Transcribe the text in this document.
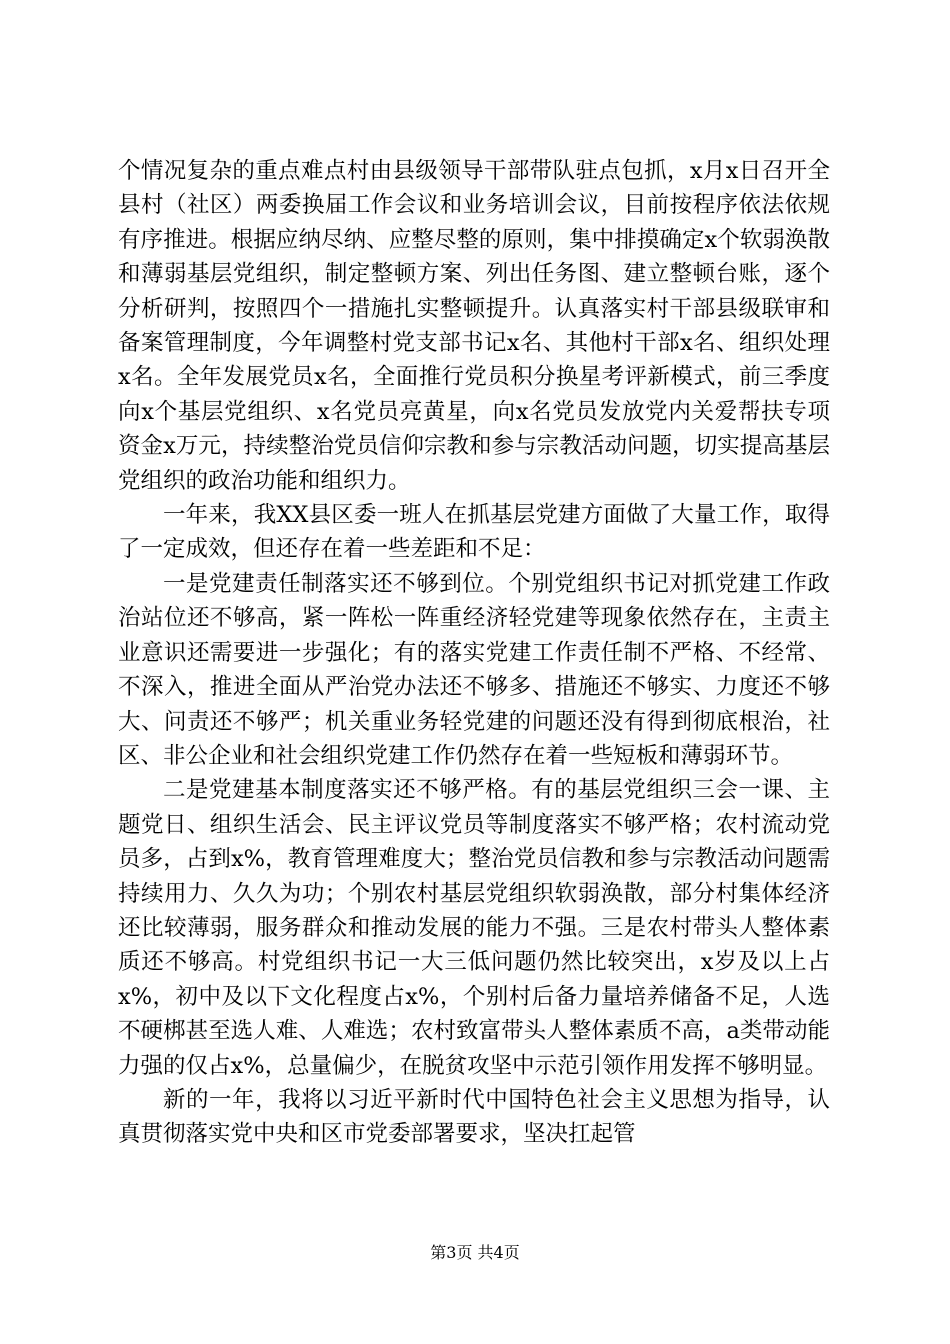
个情况复杂的重点难点村由县级领导干部带队驻点包抓，x月x日召开全县村（社区）两委换届工作会议和业务培训会议，目前按程序依法依规有序推进。根据应纳尽纳、应整尽整的原则，集中排摸确定x个软弱涣散和薄弱基层党组织，制定整顿方案、列出任务图、建立整顿台账，逐个分析研判，按照四个一措施扎实整顿提升。认真落实村干部县级联审和备案管理制度，今年调整村党支部书记x名、其他村干部x名、组织处理x名。全年发展党员x名，全面推行党员积分换星考评新模式，前三季度向x个基层党组织、x名党员亮黄星，向x名党员发放党内关爱帮扶专项资金x万元，持续整治党员信仰宗教和参与宗教活动问题，切实提高基层党组织的政治功能和组织力。

一年来，我XX县区委一班人在抓基层党建方面做了大量工作，取得了一定成效，但还存在着一些差距和不足：

一是党建责任制落实还不够到位。个别党组织书记对抓党建工作政治站位还不够高，紧一阵松一阵重经济轻党建等现象依然存在，主责主业意识还需要进一步强化；有的落实党建工作责任制不严格、不经常、不深入，推进全面从严治党办法还不够多、措施还不够实、力度还不够大、问责还不够严；机关重业务轻党建的问题还没有得到彻底根治，社区、非公企业和社会组织党建工作仍然存在着一些短板和薄弱环节。

二是党建基本制度落实还不够严格。有的基层党组织三会一课、主题党日、组织生活会、民主评议党员等制度落实不够严格；农村流动党员多，占到x%，教育管理难度大；整治党员信教和参与宗教活动问题需持续用力、久久为功；个别农村基层党组织软弱涣散，部分村集体经济还比较薄弱，服务群众和推动发展的能力不强。三是农村带头人整体素质还不够高。村党组织书记一大三低问题仍然比较突出，x岁及以上占x%，初中及以下文化程度占x%，个别村后备力量培养储备不足，人选不硬梆甚至选人难、人难选；农村致富带头人整体素质不高，a类带动能力强的仅占x%，总量偏少，在脱贫攻坚中示范引领作用发挥不够明显。

新的一年，我将以习近平新时代中国特色社会主义思想为指导，认真贯彻落实党中央和区市党委部署要求，坚决扛起管

第3页 共4页
